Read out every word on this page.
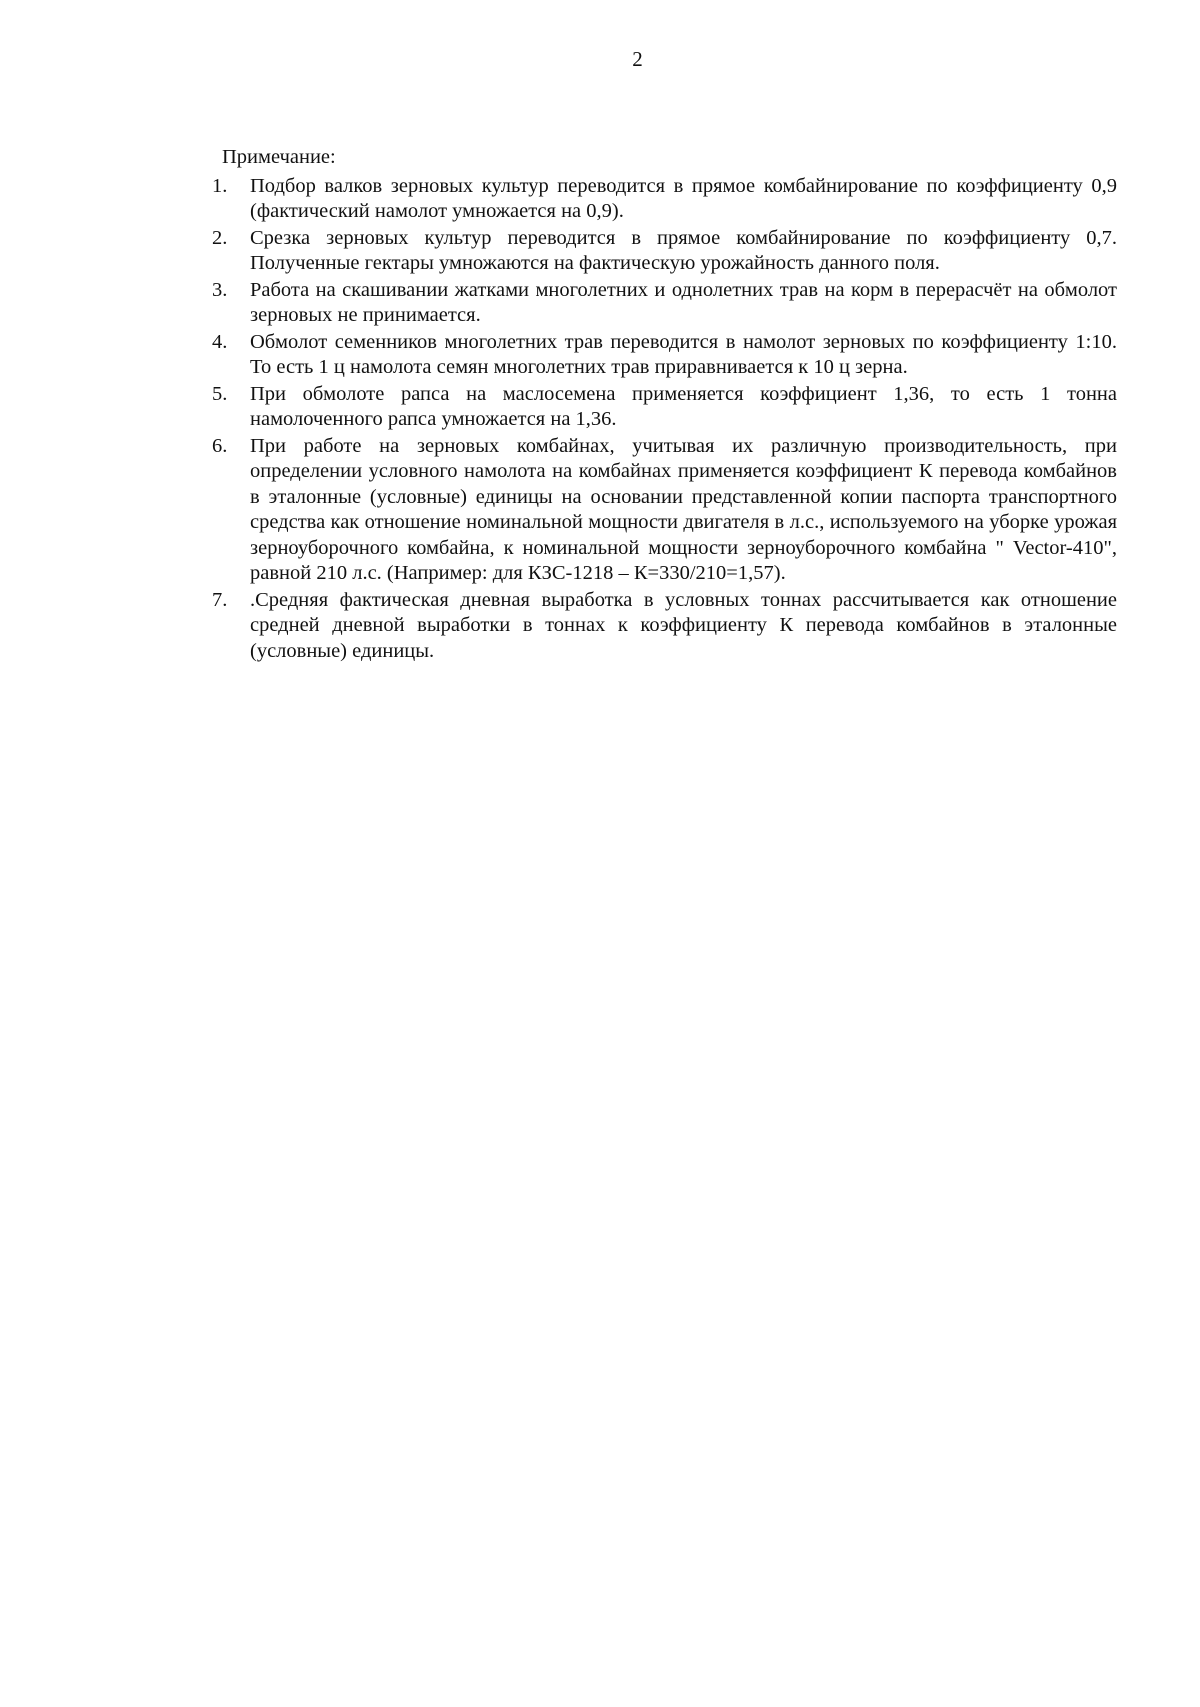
2
Примечание:
1.	Подбор валков зерновых культур переводится в прямое комбайнирование по коэффициенту 0,9 (фактический намолот умножается на 0,9).
2.	Срезка зерновых культур переводится в прямое комбайнирование по коэффициенту 0,7. Полученные гектары умножаются на фактическую урожайность данного поля.
3.	Работа на скашивании жатками многолетних и однолетних трав на корм в перерасчёт на обмолот зерновых не принимается.
4.	Обмолот семенников многолетних трав переводится в намолот зерновых по коэффициенту 1:10. То есть 1 ц намолота семян многолетних трав приравнивается к 10 ц зерна.
5.	При обмолоте рапса на маслосемена применяется коэффициент 1,36, то есть 1 тонна намолоченного рапса умножается на 1,36.
6.	При работе на зерновых комбайнах, учитывая их различную производительность, при определении условного намолота на комбайнах применяется коэффициент К перевода комбайнов в эталонные (условные) единицы на основании представленной копии паспорта транспортного средства как отношение номинальной мощности двигателя в л.с., используемого на уборке урожая зерноуборочного комбайна, к номинальной мощности зерноуборочного комбайна " Vector-410", равной 210 л.с. (Например: для КЗС-1218 – К=330/210=1,57).
7.	.Средняя фактическая дневная выработка в условных тоннах рассчитывается как отношение средней дневной выработки в тоннах к коэффициенту К перевода комбайнов в эталонные (условные) единицы.
